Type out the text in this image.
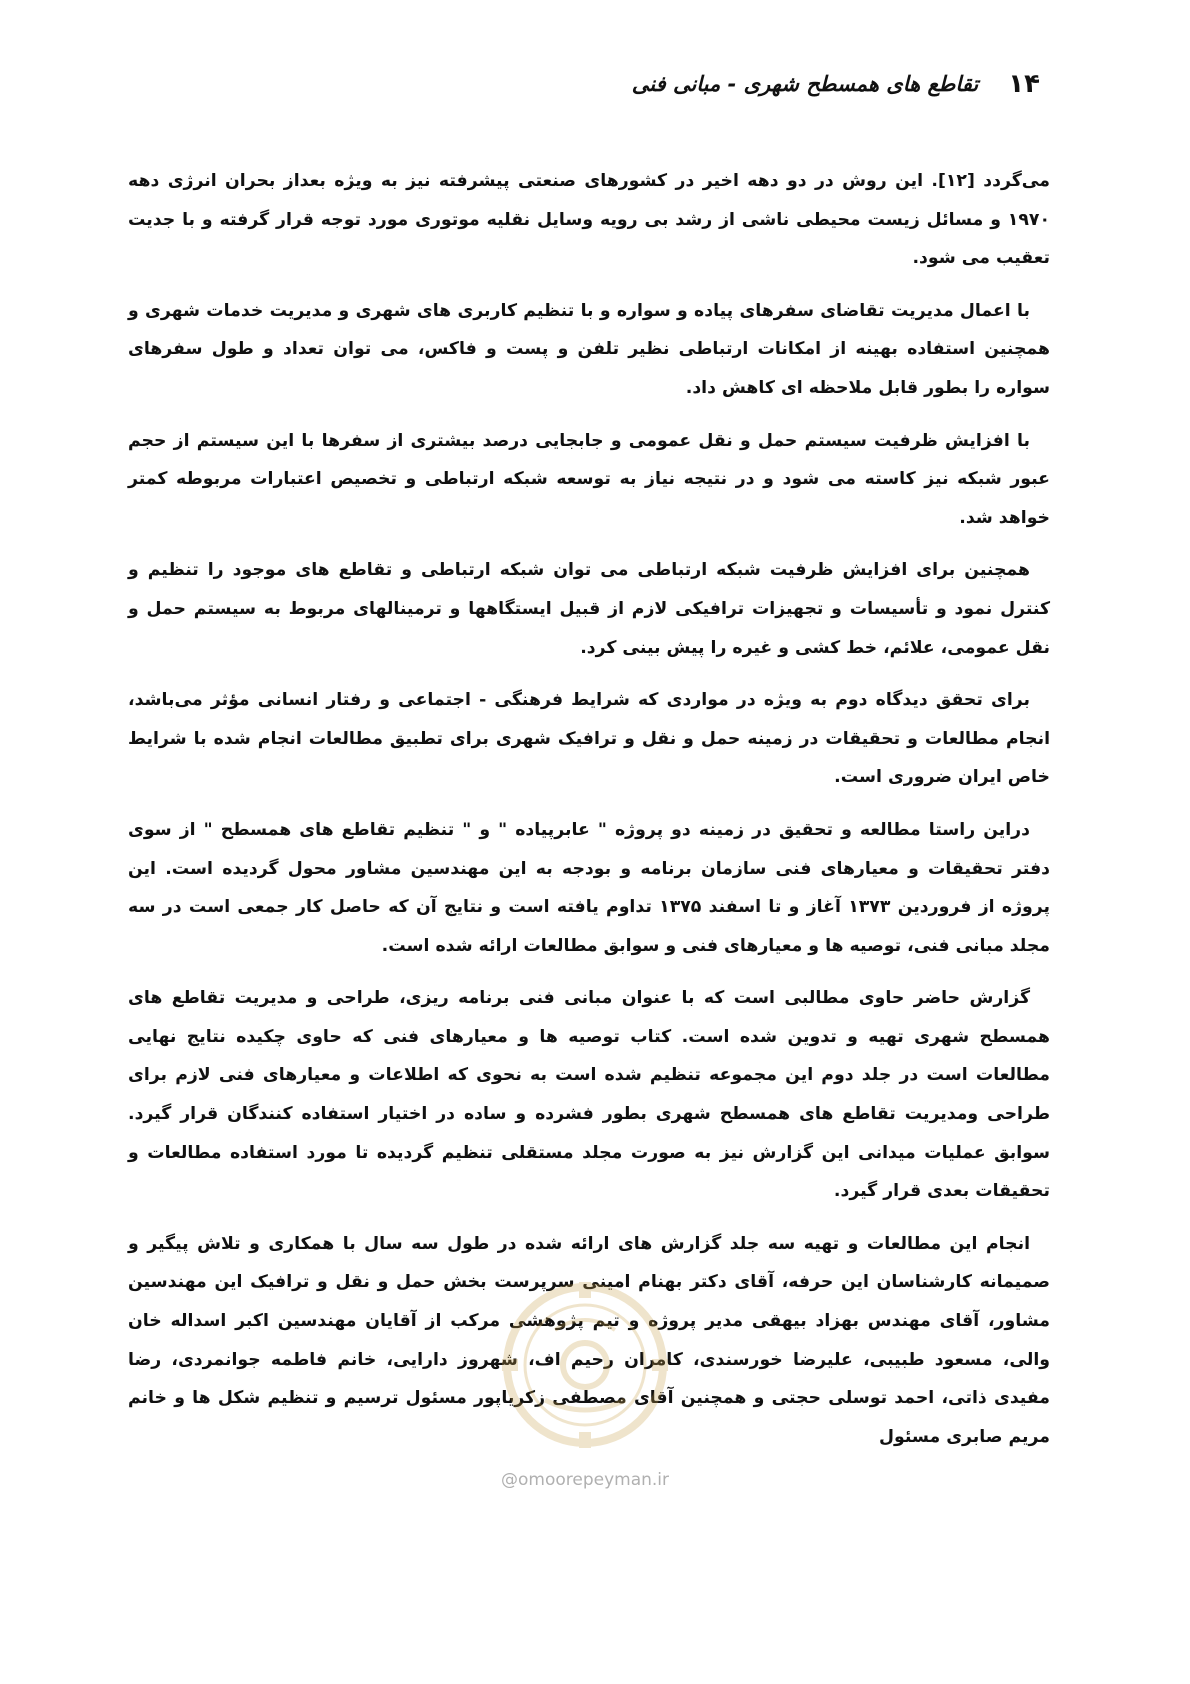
۱۴
تقاطع های همسطح شهری - مبانی فنی

می‌گردد [۱۲]. این روش در دو دهه اخیر در کشورهای صنعتی پیشرفته نیز به ویژه بعداز بحران انرژی دهه ۱۹۷۰ و مسائل زیست محیطی ناشی از رشد بی رویه وسایل نقلیه موتوری مورد توجه قرار گرفته و با جدیت تعقیب می شود.

با اعمال مدیریت تقاضای سفرهای پیاده و سواره و با تنظیم کاربری های شهری و مدیریت خدمات شهری و همچنین استفاده بهینه از امکانات ارتباطی نظیر تلفن و پست و فاکس، می توان تعداد و طول سفرهای سواره را بطور قابل ملاحظه ای کاهش داد.

با افزایش ظرفیت سیستم حمل و نقل عمومی و جابجایی درصد بیشتری از سفرها با این سیستم از حجم عبور شبکه نیز کاسته می شود و در نتیجه نیاز به توسعه شبکه ارتباطی و تخصیص اعتبارات مربوطه کمتر خواهد شد.

همچنین برای افزایش ظرفیت شبکه ارتباطی می توان شبکه ارتباطی و تقاطع های موجود را تنظیم و کنترل نمود و تأسیسات و تجهیزات ترافیکی لازم از قبیل ایستگاهها و ترمینالهای مربوط به سیستم حمل و نقل عمومی، علائم، خط کشی و غیره را پیش بینی کرد.

برای تحقق دیدگاه دوم به ویژه در مواردی که شرایط فرهنگی - اجتماعی و رفتار انسانی مؤثر می‌باشد، انجام مطالعات و تحقیقات در زمینه حمل و نقل و ترافیک شهری برای تطبیق مطالعات انجام شده با شرایط خاص ایران ضروری است.

دراین راستا مطالعه و تحقیق در زمینه دو پروژه " عابرپیاده " و " تنظیم تقاطع های همسطح " از سوی دفتر تحقیقات و معیارهای فنی سازمان برنامه و بودجه به این مهندسین مشاور محول گردیده است. این پروژه از فروردین ۱۳۷۳ آغاز و تا اسفند ۱۳۷۵ تداوم یافته است و نتایج آن که حاصل کار جمعی است در سه مجلد مبانی فنی، توصیه ها و معیارهای فنی و سوابق مطالعات ارائه شده است.

گزارش حاضر حاوی مطالبی است که با عنوان مبانی فنی برنامه ریزی، طراحی و مدیریت تقاطع های همسطح شهری تهیه و تدوین شده است. کتاب توصیه ها و معیارهای فنی که حاوی چکیده نتایج نهایی مطالعات است در جلد دوم این مجموعه تنظیم شده است به نحوی که اطلاعات و معیارهای فنی لازم برای طراحی ومدیریت تقاطع های همسطح شهری بطور فشرده و ساده در اختیار استفاده کنندگان قرار گیرد. سوابق عملیات میدانی این گزارش نیز به صورت مجلد مستقلی تنظیم گردیده تا مورد استفاده مطالعات و تحقیقات بعدی قرار گیرد.

انجام این مطالعات و تهیه سه جلد گزارش های ارائه شده در طول سه سال با همکاری و تلاش پیگیر و صمیمانه کارشناسان این حرفه، آقای دکتر بهنام امینی سرپرست بخش حمل و نقل و ترافیک این مهندسین مشاور، آقای مهندس بهزاد بیهقی مدیر پروژه و تیم پژوهشی مرکب از آقایان مهندسین اکبر اسداله خان والی، مسعود طبیبی، علیرضا خورسندی، کامران رحیم اف، شهروز دارایی، خانم فاطمه جوانمردی، رضا مفیدی ذاتی، احمد توسلی حجتی و همچنین آقای مصطفی زکریاپور مسئول ترسیم و تنظیم شکل ها و خانم مریم صابری مسئول

@omoorepeyman.ir
